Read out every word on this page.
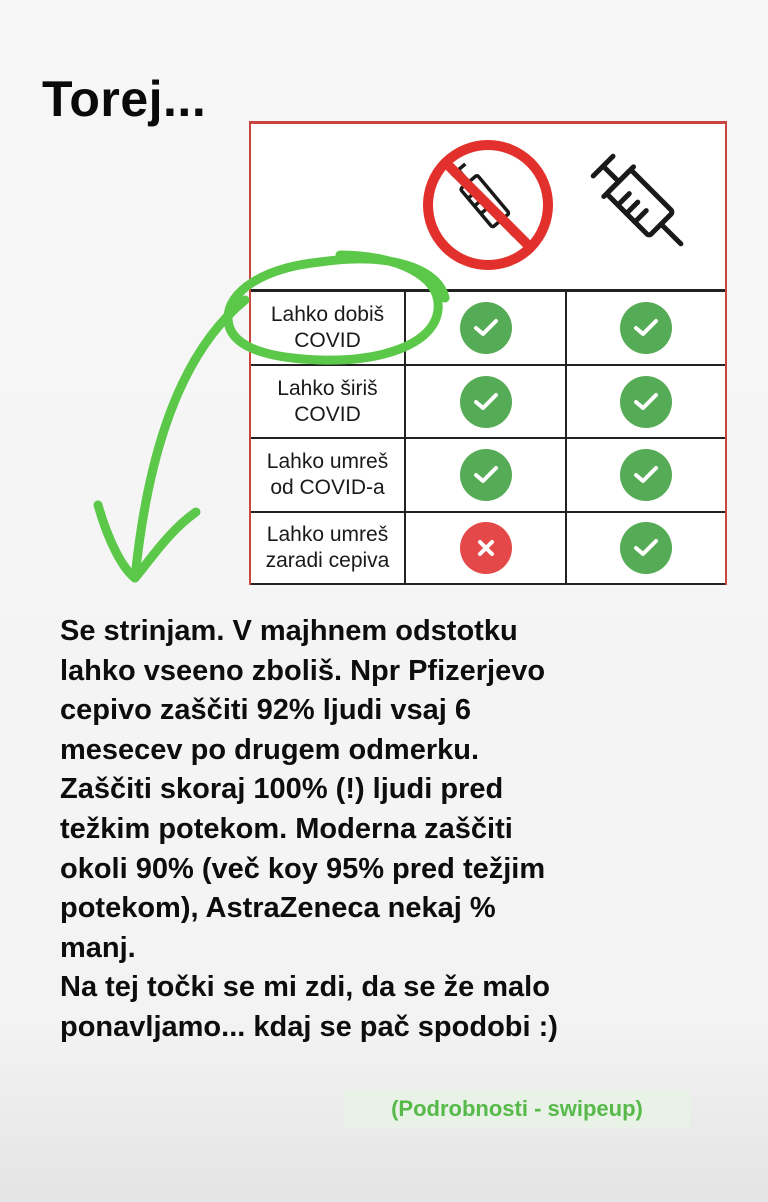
Torej...
Lahko dobiš
COVID
Lahko širiš
COVID
Lahko umreš
od COVID-a
Lahko umreš
zaradi cepiva

Se strinjam. V majhnem odstotku
lahko vseeno zboliš. Npr Pfizerjevo
cepivo zaščiti 92% ljudi vsaj 6
mesecev po drugem odmerku.
Zaščiti skoraj 100% (!) ljudi pred
težkim potekom. Moderna zaščiti
okoli 90% (več koy 95% pred težjim
potekom), AstraZeneca nekaj %
manj.
Na tej točki se mi zdi, da se že malo
ponavljamo... kdaj se pač spodobi :)

(Podrobnosti - swipeup)
